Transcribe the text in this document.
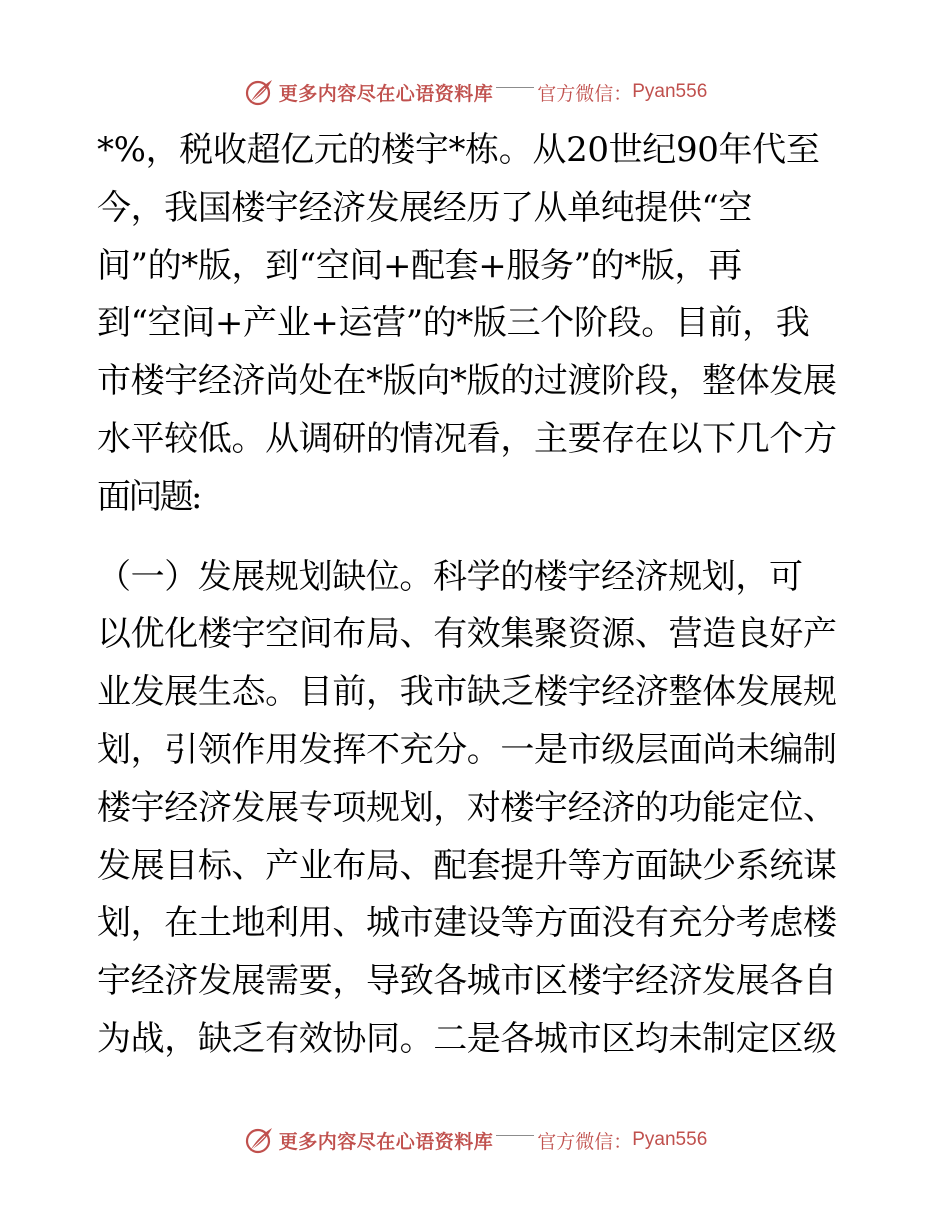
更多内容尽在心语资料库 官方微信： Pyan556
*%，税收超亿元的楼宇*栋。从20世纪90年代至
今，我国楼宇经济发展经历了从单纯提供“空
间”的*版，到“空间+配套+服务”的*版，再
到“空间+产业+运营”的*版三个阶段。目前，我
市楼宇经济尚处在*版向*版的过渡阶段，整体发展
水平较低。从调研的情况看，主要存在以下几个方
面问题:
（一）发展规划缺位。科学的楼宇经济规划，可
以优化楼宇空间布局、有效集聚资源、营造良好产
业发展生态。目前，我市缺乏楼宇经济整体发展规
划，引领作用发挥不充分。一是市级层面尚未编制
楼宇经济发展专项规划，对楼宇经济的功能定位、
发展目标、产业布局、配套提升等方面缺少系统谋
划，在土地利用、城市建设等方面没有充分考虑楼
宇经济发展需要，导致各城市区楼宇经济发展各自
为战，缺乏有效协同。二是各城市区均未制定区级
更多内容尽在心语资料库 官方微信： Pyan556
